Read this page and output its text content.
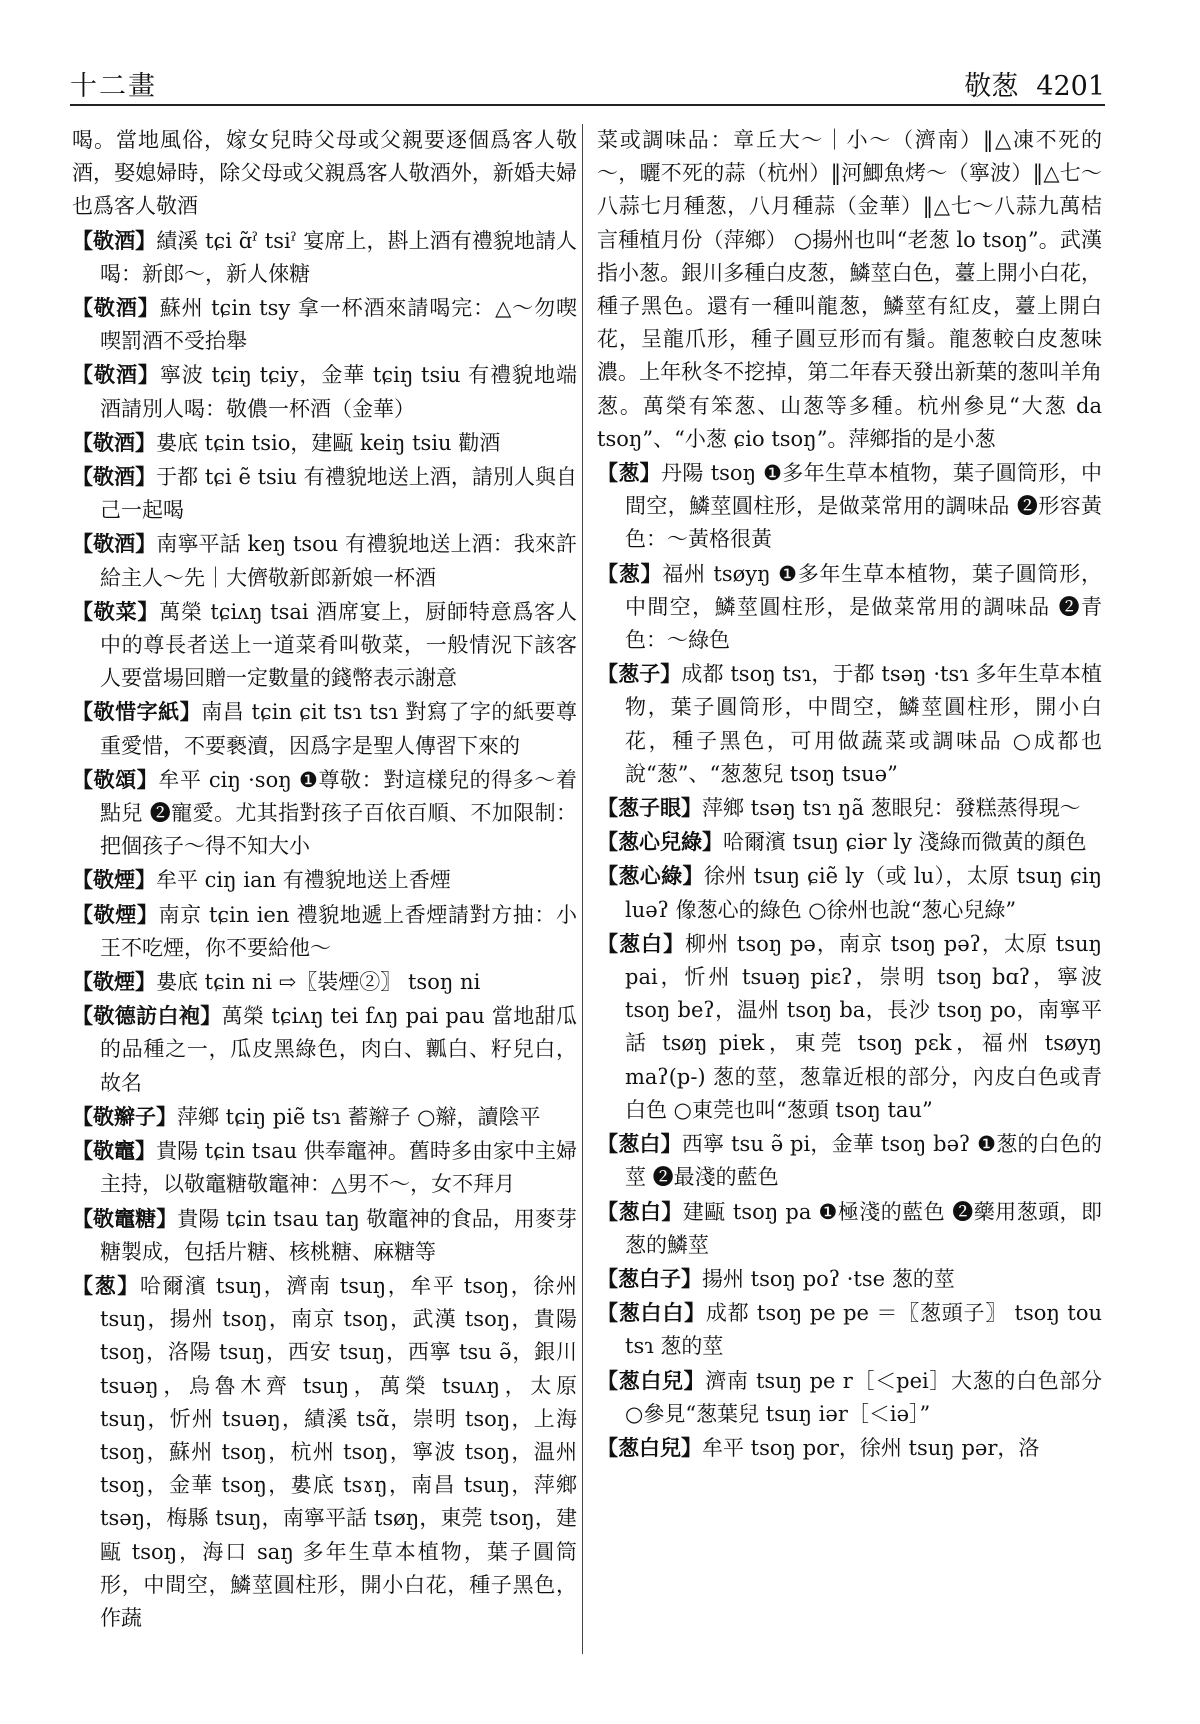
十二畫	敬葱 4201

喝。當地風俗，嫁女兒時父母或父親要逐個爲客人敬酒，娶媳婦時，除父母或父親爲客人敬酒外，新婚夫婦也爲客人敬酒

【敬酒】績溪 tɕi ɑ̃ˀ tsiˀ 宴席上，斟上酒有禮貌地請人喝：新郎～，新人倈糖

【敬酒】蘇州 tɕin tsy 拿一杯酒來請喝完：△～勿喫喫罰酒不受抬舉

【敬酒】寧波 tɕiŋ tɕiy，金華 tɕiŋ tsiu 有禮貌地端酒請別人喝：敬儂一杯酒（金華）

【敬酒】婁底 tɕin tsio，建甌 keiŋ tsiu 勸酒

【敬酒】于都 tɕi ẽ tsiu 有禮貌地送上酒，請別人與自己一起喝

【敬酒】南寧平話 keŋ tsou 有禮貌地送上酒：我來許給主人～先｜大儕敬新郎新娘一杯酒

【敬菜】萬榮 tɕiʌŋ tsai 酒席宴上，厨師特意爲客人中的尊長者送上一道菜肴叫敬菜，一般情況下該客人要當場回贈一定數量的錢幣表示謝意

【敬惜字紙】南昌 tɕin ɕit tsɿ tsɿ 對寫了字的紙要尊重愛惜，不要褻瀆，因爲字是聖人傳習下來的

【敬頌】牟平 ciŋ ·soŋ ❶尊敬：對這樣兒的得多～着點兒 ❷寵愛。尤其指對孩子百依百順、不加限制：把個孩子～得不知大小

【敬煙】牟平 ciŋ ian 有禮貌地送上香煙

【敬煙】南京 tɕin ien 禮貌地遞上香煙請對方抽：小王不吃煙，你不要給他～

【敬煙】婁底 tɕin ni ⇨〖裝煙②〗 tsoŋ ni

【敬德訪白袍】萬榮 tɕiʌŋ tei fʌŋ pai pau 當地甜瓜的品種之一，瓜皮黑綠色，肉白、瓤白、籽兒白，故名

【敬辮子】萍鄉 tɕiŋ piẽ tsɿ 蓄辮子 ○辮，讀陰平

【敬竈】貴陽 tɕin tsau 供奉竈神。舊時多由家中主婦主持，以敬竈糖敬竈神：△男不～，女不拜月

【敬竈糖】貴陽 tɕin tsau taŋ 敬竈神的食品，用麥芽糖製成，包括片糖、核桃糖、麻糖等

【葱】哈爾濱 tsuŋ，濟南 tsuŋ，牟平 tsoŋ，徐州 tsuŋ，揚州 tsoŋ，南京 tsoŋ，武漢 tsoŋ，貴陽 tsoŋ，洛陽 tsuŋ，西安 tsuŋ，西寧 tsu ə̃，銀川 tsuəŋ，烏魯木齊 tsuŋ，萬榮 tsuʌŋ，太原 tsuŋ，忻州 tsuəŋ，績溪 tsɑ̃，崇明 tsoŋ，上海 tsoŋ，蘇州 tsoŋ，杭州 tsoŋ，寧波 tsoŋ，温州 tsoŋ，金華 tsoŋ，婁底 tsɤŋ，南昌 tsuŋ，萍鄉 tsəŋ，梅縣 tsuŋ，南寧平話 tsøŋ，東莞 tsoŋ，建甌 tsoŋ，海口 saŋ 多年生草本植物，葉子圓筒形，中間空，鱗莖圓柱形，開小白花，種子黑色，作蔬

菜或調味品：章丘大～｜小～（濟南）‖△凍不死的～，曬不死的蒜（杭州）‖河鯽魚烤～（寧波）‖△七～八蒜七月種葱，八月種蒜（金華）‖△七～八蒜九萬桔言種植月份（萍鄉） ○揚州也叫“老葱 lo tsoŋ”。武漢指小葱。銀川多種白皮葱，鱗莖白色，薹上開小白花，種子黑色。還有一種叫龍葱，鱗莖有紅皮，薹上開白花，呈龍爪形，種子圓豆形而有鬚。龍葱較白皮葱味濃。上年秋冬不挖掉，第二年春天發出新葉的葱叫羊角葱。萬榮有笨葱、山葱等多種。杭州參見“大葱 da tsoŋ”、“小葱 ɕio tsoŋ”。萍鄉指的是小葱

【葱】丹陽 tsoŋ ❶多年生草本植物，葉子圓筒形，中間空，鱗莖圓柱形，是做菜常用的調味品 ❷形容黃色：～黃格很黃

【葱】福州 tsøyŋ ❶多年生草本植物，葉子圓筒形，中間空，鱗莖圓柱形，是做菜常用的調味品 ❷青色：～綠色

【葱子】成都 tsoŋ tsɿ，于都 tsəŋ ·tsɿ 多年生草本植物，葉子圓筒形，中間空，鱗莖圓柱形，開小白花，種子黑色，可用做蔬菜或調味品 ○成都也說“葱”、“葱葱兒 tsoŋ tsuə”

【葱子眼】萍鄉 tsəŋ tsɿ ŋã 葱眼兒：發糕蒸得現～

【葱心兒綠】哈爾濱 tsuŋ ɕiər ly 淺綠而微黃的顏色

【葱心綠】徐州 tsuŋ ɕiẽ ly（或 lu），太原 tsuŋ ɕiŋ luəʔ 像葱心的綠色 ○徐州也說“葱心兒綠”

【葱白】柳州 tsoŋ pə，南京 tsoŋ pəʔ，太原 tsuŋ pai，忻州 tsuəŋ piɛʔ，崇明 tsoŋ bɑʔ，寧波 tsoŋ beʔ，温州 tsoŋ ba，長沙 tsoŋ po，南寧平話 tsøŋ piɐk，東莞 tsoŋ pɛk，福州 tsøyŋ maʔ(p-) 葱的莖，葱靠近根的部分，內皮白色或青白色 ○東莞也叫“葱頭 tsoŋ tau”

【葱白】西寧 tsu ə̃ pi，金華 tsoŋ bəʔ ❶葱的白色的莖 ❷最淺的藍色

【葱白】建甌 tsoŋ pa ❶極淺的藍色 ❷藥用葱頭，即葱的鱗莖

【葱白子】揚州 tsoŋ poʔ ·tse 葱的莖

【葱白白】成都 tsoŋ pe pe ＝〖葱頭子〗 tsoŋ tou tsɿ 葱的莖

【葱白兒】濟南 tsuŋ pe r［＜pei］大葱的白色部分 ○參見“葱葉兒 tsuŋ iər［＜iə］”

【葱白兒】牟平 tsoŋ por，徐州 tsuŋ pər，洛
